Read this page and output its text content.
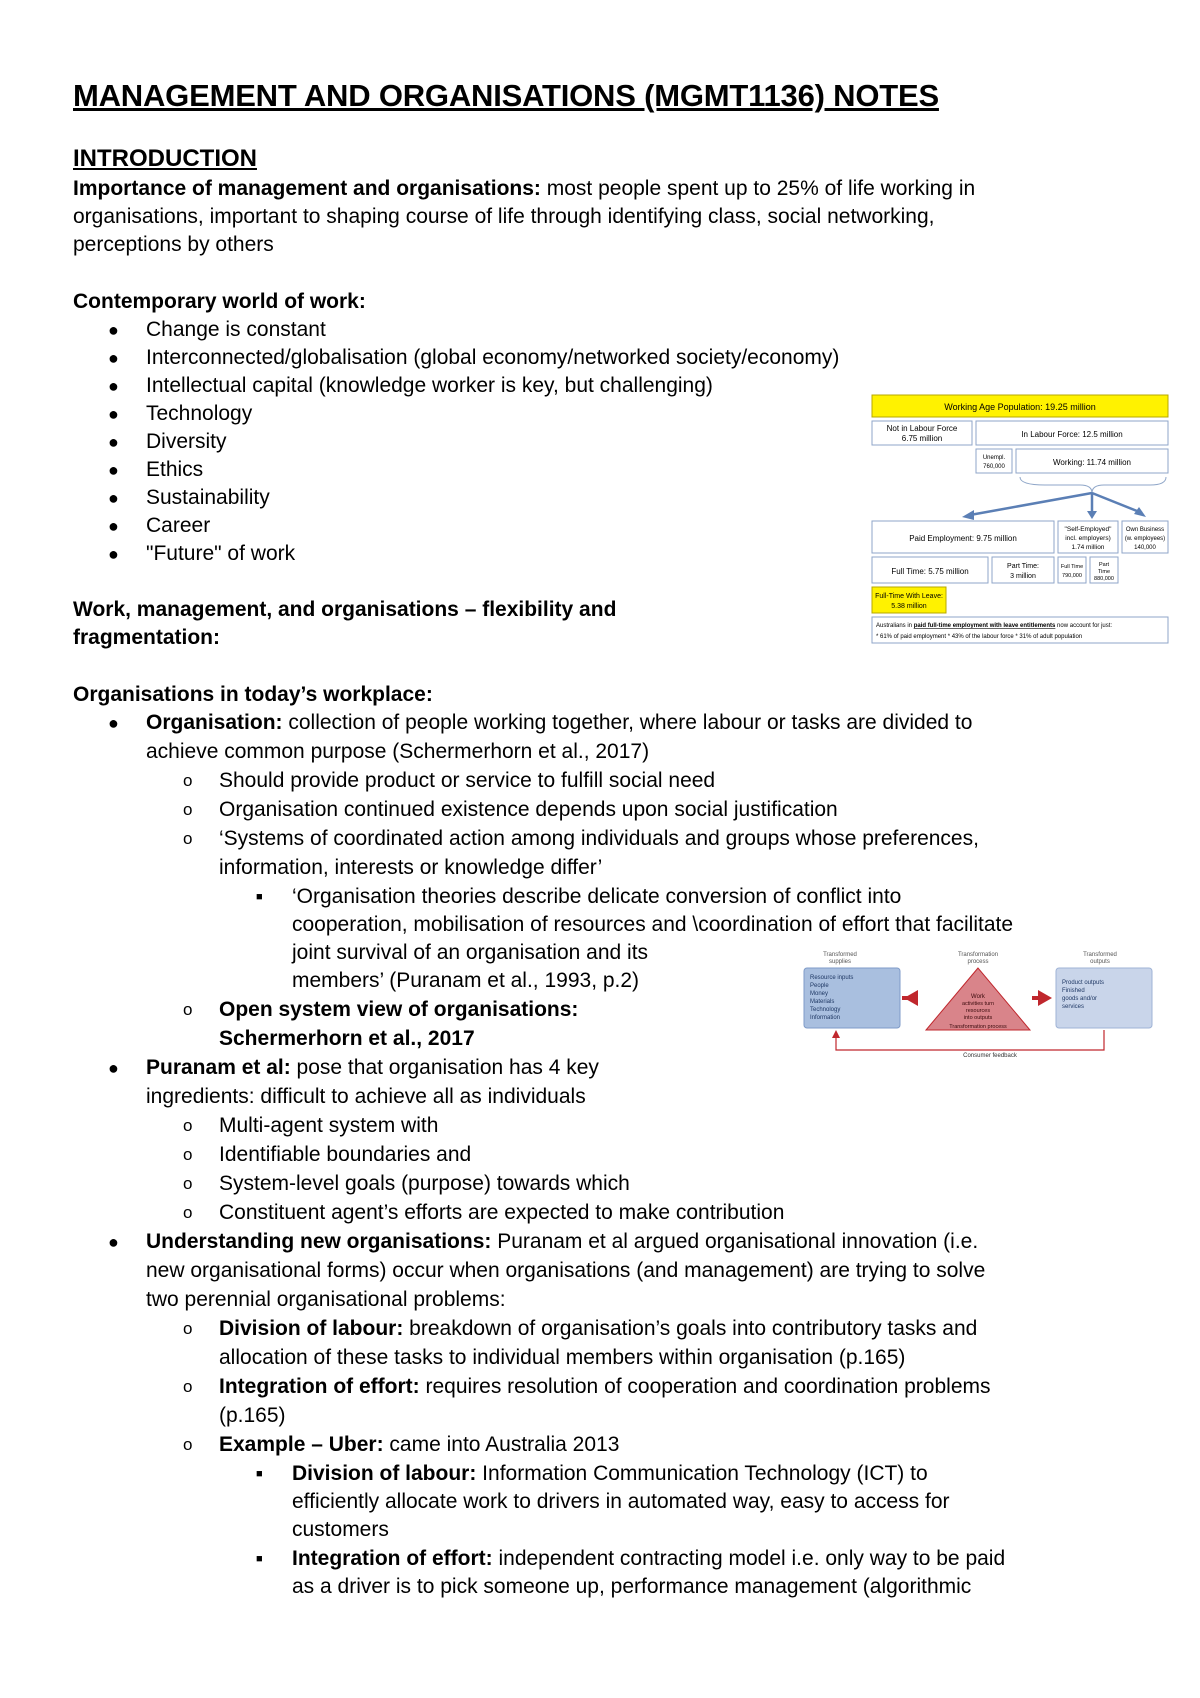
MANAGEMENT AND ORGANISATIONS (MGMT1136) NOTES
INTRODUCTION
Importance of management and organisations: most people spent up to 25% of life working in
organisations, important to shaping course of life through identifying class, social networking,
perceptions by others
Contemporary world of work:
● Change is constant
● Interconnected/globalisation (global economy/networked society/economy)
● Intellectual capital (knowledge worker is key, but challenging)
● Technology
● Diversity
● Ethics
● Sustainability
● Career
● "Future" of work
Work, management, and organisations – flexibility and
fragmentation:
Organisations in today’s workplace:
● Organisation: collection of people working together, where labour or tasks are divided to
achieve common purpose (Schermerhorn et al., 2017)
o Should provide product or service to fulfill social need
o Organisation continued existence depends upon social justification
o ‘Systems of coordinated action among individuals and groups whose preferences,
information, interests or knowledge differ’
■ ‘Organisation theories describe delicate conversion of conflict into
cooperation, mobilisation of resources and \coordination of effort that facilitate
joint survival of an organisation and its
members’ (Puranam et al., 1993, p.2)
o Open system view of organisations:
Schermerhorn et al., 2017
● Puranam et al: pose that organisation has 4 key
ingredients: difficult to achieve all as individuals
o Multi-agent system with
o Identifiable boundaries and
o System-level goals (purpose) towards which
o Constituent agent’s efforts are expected to make contribution
● Understanding new organisations: Puranam et al argued organisational innovation (i.e.
new organisational forms) occur when organisations (and management) are trying to solve
two perennial organisational problems:
o Division of labour: breakdown of organisation’s goals into contributory tasks and
allocation of these tasks to individual members within organisation (p.165)
o Integration of effort: requires resolution of cooperation and coordination problems
(p.165)
o Example – Uber: came into Australia 2013
■ Division of labour: Information Communication Technology (ICT) to
efficiently allocate work to drivers in automated way, easy to access for
customers
■ Integration of effort: independent contracting model i.e. only way to be paid
as a driver is to pick someone up, performance management (algorithmic
Working Age Population: 19.25 million
Not in Labour Force
6.75 million	In Labour Force: 12.5 million
Unempl.
760,000	Working: 11.74 million
Paid Employment: 9.75 million
"Self-Employed"
incl. employers)
1.74 million
Own Business
(w. employees)
140,000
Full Time: 5.75 million
Part Time:
3 million
Full Time
790,000
Part
Time
880,000
Full-Time With Leave:
5.38 million
Australians in paid full-time employment with leave entitlements now account for just:
* 61% of paid employment * 43% of the labour force * 31% of adult population
Transformed
supplies
Transformation
process
Transformed
outputs
Resource inputs
People
Money
Materials
Technology
Information
Work
activities turn
resources
into outputs
Transformation process
Product outputs
Finished
goods and/or
services
Consumer feedback
